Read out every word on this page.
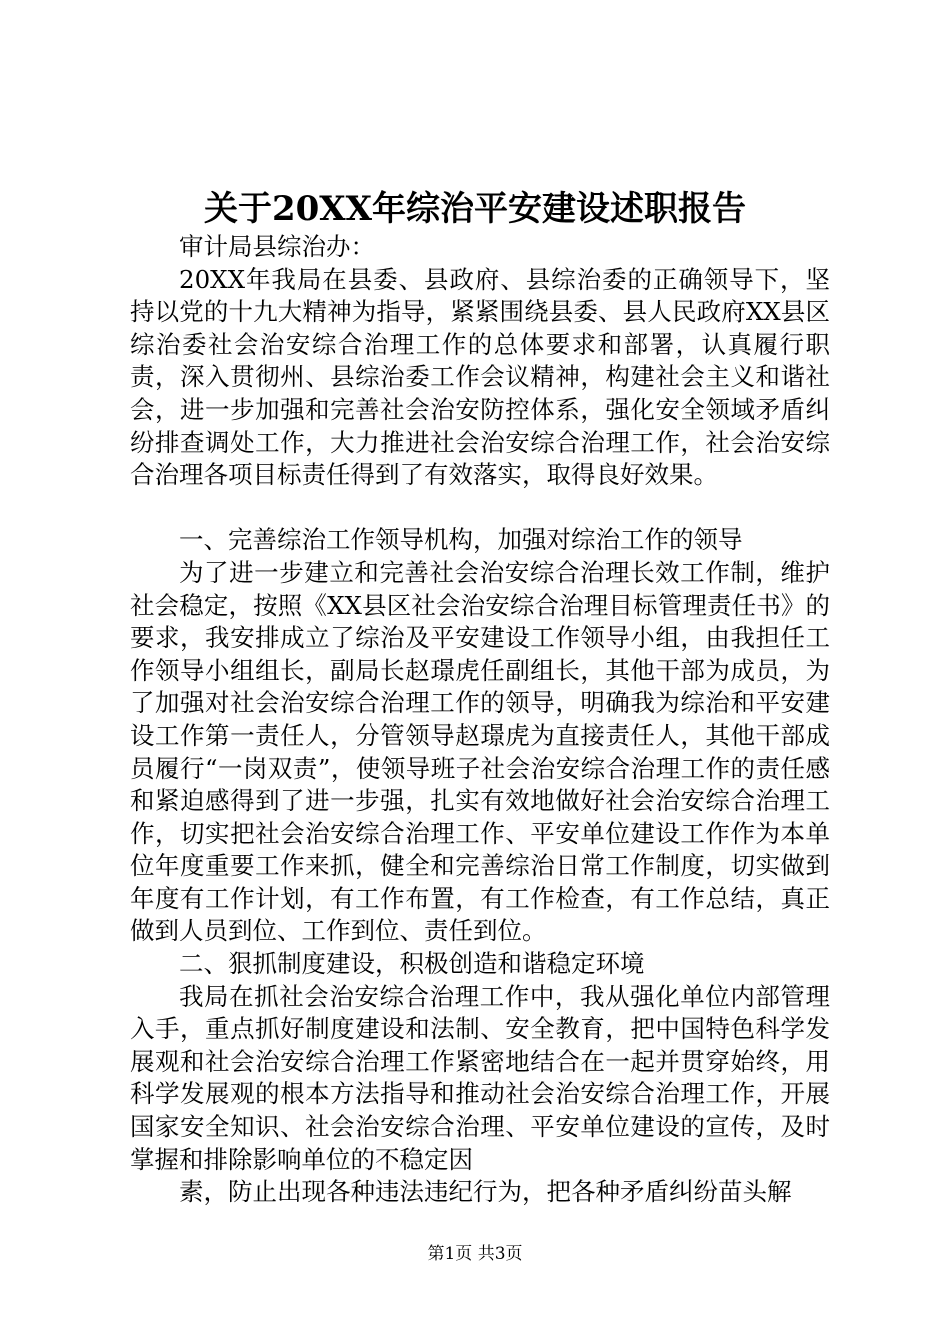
关于20XX年综治平安建设述职报告

审计局县综治办：

20XX年我局在县委、县政府、县综治委的正确领导下，坚持以党的十九大精神为指导，紧紧围绕县委、县人民政府XX县区综治委社会治安综合治理工作的总体要求和部署，认真履行职责，深入贯彻州、县综治委工作会议精神，构建社会主义和谐社会，进一步加强和完善社会治安防控体系，强化安全领域矛盾纠纷排查调处工作，大力推进社会治安综合治理工作，社会治安综合治理各项目标责任得到了有效落实，取得良好效果。

一、完善综治工作领导机构，加强对综治工作的领导

为了进一步建立和完善社会治安综合治理长效工作制，维护社会稳定，按照《XX县区社会治安综合治理目标管理责任书》的要求，我安排成立了综治及平安建设工作领导小组，由我担任工作领导小组组长，副局长赵璟虎任副组长，其他干部为成员，为了加强对社会治安综合治理工作的领导，明确我为综治和平安建设工作第一责任人，分管领导赵璟虎为直接责任人，其他干部成员履行“一岗双责”，使领导班子社会治安综合治理工作的责任感和紧迫感得到了进一步强，扎实有效地做好社会治安综合治理工作，切实把社会治安综合治理工作、平安单位建设工作作为本单位年度重要工作来抓，健全和完善综治日常工作制度，切实做到年度有工作计划，有工作布置，有工作检查，有工作总结，真正做到人员到位、工作到位、责任到位。

二、狠抓制度建设，积极创造和谐稳定环境

我局在抓社会治安综合治理工作中，我从强化单位内部管理入手，重点抓好制度建设和法制、安全教育，把中国特色科学发展观和社会治安综合治理工作紧密地结合在一起并贯穿始终，用科学发展观的根本方法指导和推动社会治安综合治理工作，开展国家安全知识、社会治安综合治理、平安单位建设的宣传，及时掌握和排除影响单位的不稳定因

素，防止出现各种违法违纪行为，把各种矛盾纠纷苗头解

第1页 共3页
